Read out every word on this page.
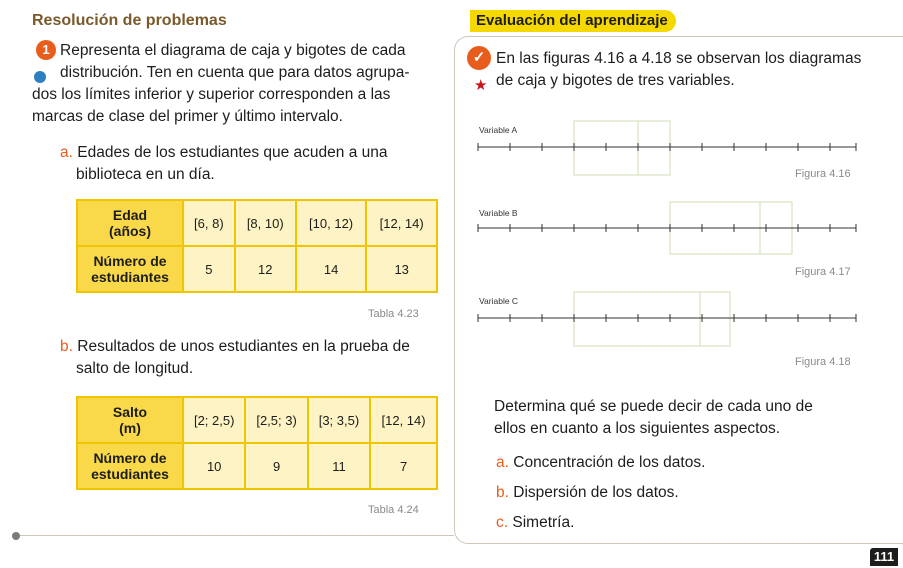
Resolución de problemas
1 Representa el diagrama de caja y bigotes de cada
distribución. Ten en cuenta que para datos agrupa-
dos los límites inferior y superior corresponden a las
marcas de clase del primer y último intervalo.
a. Edades de los estudiantes que acuden a una
biblioteca en un día.
Edad
(años)	[6, 8)	[8, 10)	[10, 12)	[12, 14)

Número de
estudiantes	5	12	14	13
Tabla 4.23
b. Resultados de unos estudiantes en la prueba de
salto de longitud.
Salto
(m)	[2; 2,5)	[2,5; 3)	[3; 3,5)	[12, 14)

Número de
estudiantes	10	9	11	7
Tabla 4.24
Evaluación del aprendizaje
✓
★
En las figuras 4.16 a 4.18 se observan los diagramas
de caja y bigotes de tres variables.
Variable A
Figura 4.16
Variable B
Figura 4.17
Variable C
Figura 4.18
Determina qué se puede decir de cada uno de
ellos en cuanto a los siguientes aspectos.
a. Concentración de los datos.
b. Dispersión de los datos.
c. Simetría.
111
